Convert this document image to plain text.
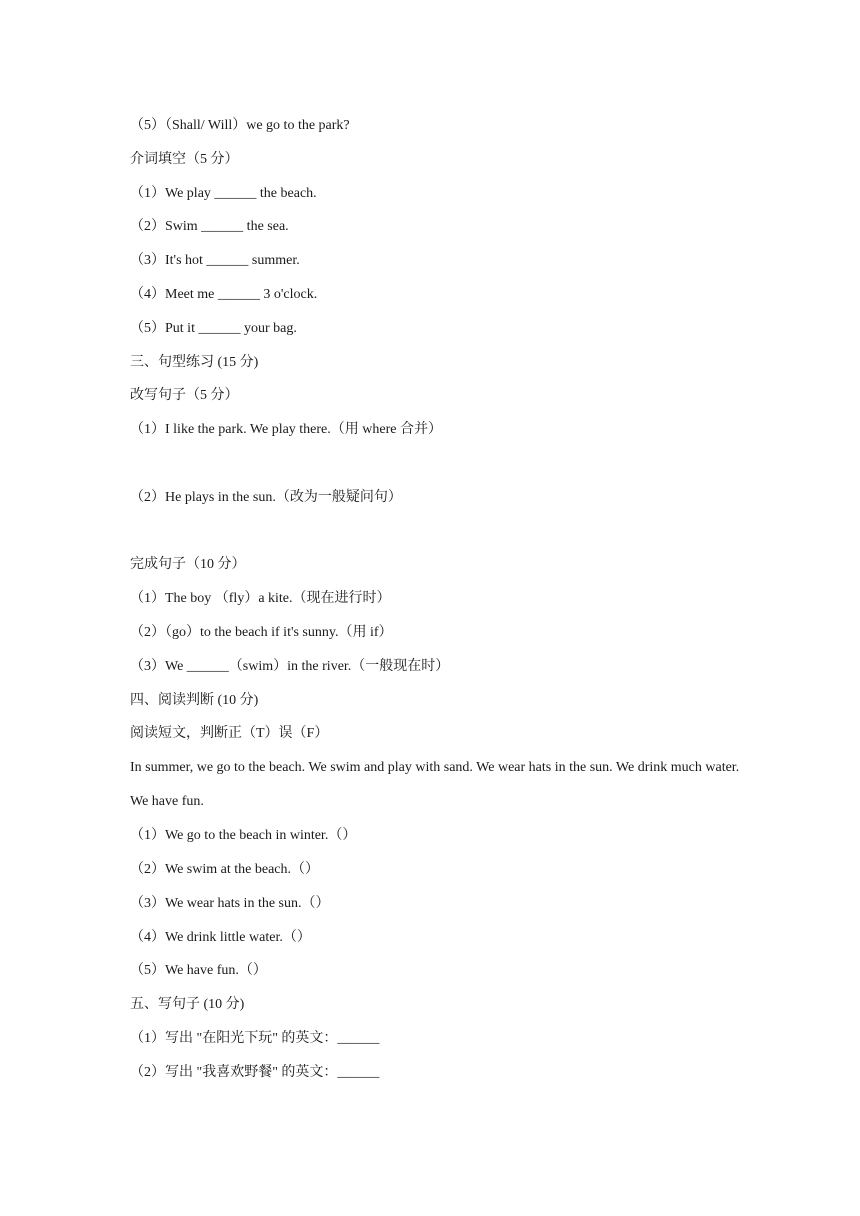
（5）（Shall/ Will）we go to the park?
介词填空（5 分）
（1）We play ______ the beach.
（2）Swim ______ the sea.
（3）It's hot ______ summer.
（4）Meet me ______ 3 o'clock.
（5）Put it ______ your bag.
三、句型练习 (15 分)
改写句子（5 分）
（1）I like the park. We play there.（用 where 合并）
（2）He plays in the sun.（改为一般疑问句）
完成句子（10 分）
（1）The boy （fly）a kite.（现在进行时）
（2）（go）to the beach if it's sunny.（用 if）
（3）We ______（swim）in the river.（一般现在时）
四、阅读判断 (10 分)
阅读短文，判断正（T）误（F）
In summer, we go to the beach. We swim and play with sand. We wear hats in the sun. We drink much water. We have fun.
（1）We go to the beach in winter.（）
（2）We swim at the beach.（）
（3）We wear hats in the sun.（）
（4）We drink little water.（）
（5）We have fun.（）
五、写句子 (10 分)
（1）写出 "在阳光下玩" 的英文：______
（2）写出 "我喜欢野餐" 的英文：______
